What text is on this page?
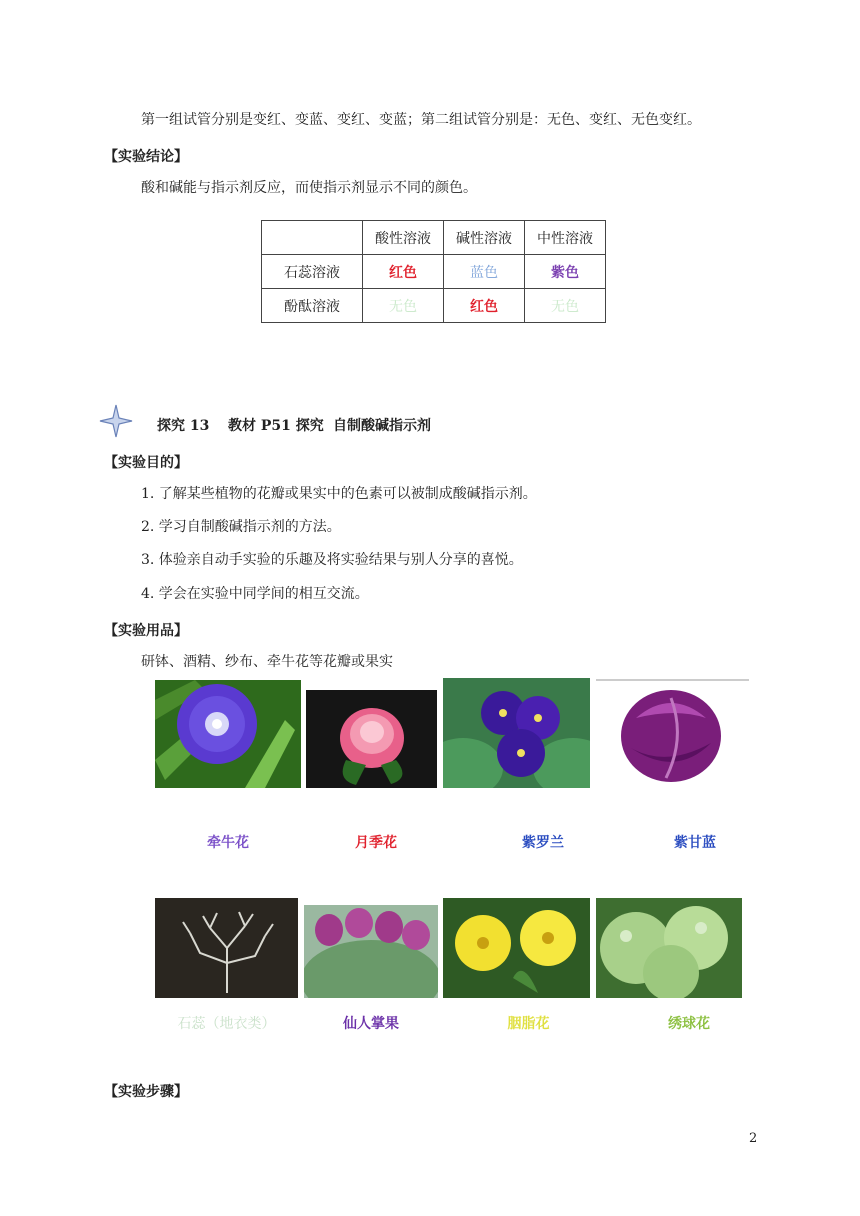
第一组试管分别是变红、变蓝、变红、变蓝；第二组试管分别是：无色、变红、无色变红。
【实验结论】
酸和碱能与指示剂反应，而使指示剂显示不同的颜色。
	酸性溶液	碱性溶液	中性溶液
石蕊溶液	红色	蓝色	紫色
酚酞溶液	无色	红色	无色
探究 13 教材 P51 探究 自制酸碱指示剂
【实验目的】
1. 了解某些植物的花瓣或果实中的色素可以被制成酸碱指示剂。
2. 学习自制酸碱指示剂的方法。
3. 体验亲自动手实验的乐趣及将实验结果与别人分享的喜悦。
4. 学会在实验中同学间的相互交流。
【实验用品】
研钵、酒精、纱布、牵牛花等花瓣或果实
牵牛花	月季花	紫罗兰	紫甘蓝
石蕊（地衣类）	仙人掌果	胭脂花	绣球花
【实验步骤】
2
